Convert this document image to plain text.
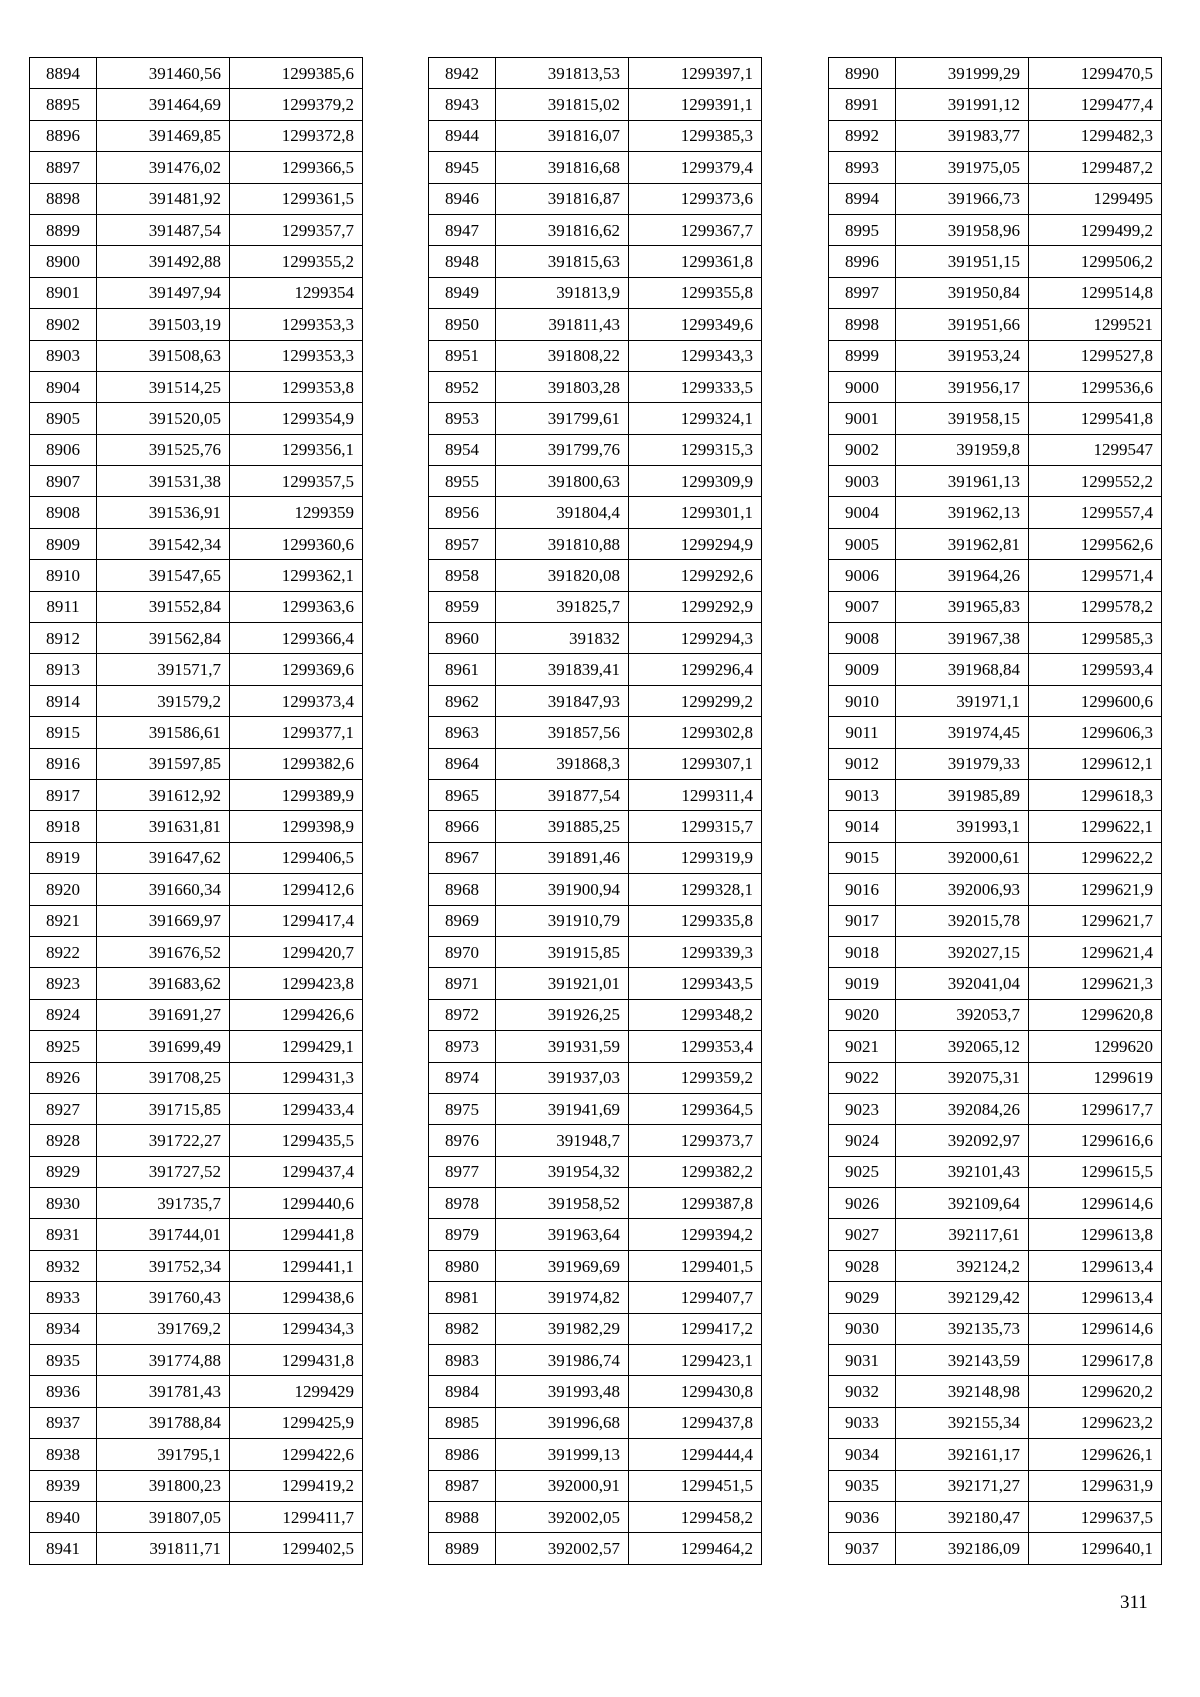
8894	391460,56	1299385,6
8895	391464,69	1299379,2
8896	391469,85	1299372,8
8897	391476,02	1299366,5
8898	391481,92	1299361,5
8899	391487,54	1299357,7
8900	391492,88	1299355,2
8901	391497,94	1299354
8902	391503,19	1299353,3
8903	391508,63	1299353,3
8904	391514,25	1299353,8
8905	391520,05	1299354,9
8906	391525,76	1299356,1
8907	391531,38	1299357,5
8908	391536,91	1299359
8909	391542,34	1299360,6
8910	391547,65	1299362,1
8911	391552,84	1299363,6
8912	391562,84	1299366,4
8913	391571,7	1299369,6
8914	391579,2	1299373,4
8915	391586,61	1299377,1
8916	391597,85	1299382,6
8917	391612,92	1299389,9
8918	391631,81	1299398,9
8919	391647,62	1299406,5
8920	391660,34	1299412,6
8921	391669,97	1299417,4
8922	391676,52	1299420,7
8923	391683,62	1299423,8
8924	391691,27	1299426,6
8925	391699,49	1299429,1
8926	391708,25	1299431,3
8927	391715,85	1299433,4
8928	391722,27	1299435,5
8929	391727,52	1299437,4
8930	391735,7	1299440,6
8931	391744,01	1299441,8
8932	391752,34	1299441,1
8933	391760,43	1299438,6
8934	391769,2	1299434,3
8935	391774,88	1299431,8
8936	391781,43	1299429
8937	391788,84	1299425,9
8938	391795,1	1299422,6
8939	391800,23	1299419,2
8940	391807,05	1299411,7
8941	391811,71	1299402,5
8942	391813,53	1299397,1
8943	391815,02	1299391,1
8944	391816,07	1299385,3
8945	391816,68	1299379,4
8946	391816,87	1299373,6
8947	391816,62	1299367,7
8948	391815,63	1299361,8
8949	391813,9	1299355,8
8950	391811,43	1299349,6
8951	391808,22	1299343,3
8952	391803,28	1299333,5
8953	391799,61	1299324,1
8954	391799,76	1299315,3
8955	391800,63	1299309,9
8956	391804,4	1299301,1
8957	391810,88	1299294,9
8958	391820,08	1299292,6
8959	391825,7	1299292,9
8960	391832	1299294,3
8961	391839,41	1299296,4
8962	391847,93	1299299,2
8963	391857,56	1299302,8
8964	391868,3	1299307,1
8965	391877,54	1299311,4
8966	391885,25	1299315,7
8967	391891,46	1299319,9
8968	391900,94	1299328,1
8969	391910,79	1299335,8
8970	391915,85	1299339,3
8971	391921,01	1299343,5
8972	391926,25	1299348,2
8973	391931,59	1299353,4
8974	391937,03	1299359,2
8975	391941,69	1299364,5
8976	391948,7	1299373,7
8977	391954,32	1299382,2
8978	391958,52	1299387,8
8979	391963,64	1299394,2
8980	391969,69	1299401,5
8981	391974,82	1299407,7
8982	391982,29	1299417,2
8983	391986,74	1299423,1
8984	391993,48	1299430,8
8985	391996,68	1299437,8
8986	391999,13	1299444,4
8987	392000,91	1299451,5
8988	392002,05	1299458,2
8989	392002,57	1299464,2
8990	391999,29	1299470,5
8991	391991,12	1299477,4
8992	391983,77	1299482,3
8993	391975,05	1299487,2
8994	391966,73	1299495
8995	391958,96	1299499,2
8996	391951,15	1299506,2
8997	391950,84	1299514,8
8998	391951,66	1299521
8999	391953,24	1299527,8
9000	391956,17	1299536,6
9001	391958,15	1299541,8
9002	391959,8	1299547
9003	391961,13	1299552,2
9004	391962,13	1299557,4
9005	391962,81	1299562,6
9006	391964,26	1299571,4
9007	391965,83	1299578,2
9008	391967,38	1299585,3
9009	391968,84	1299593,4
9010	391971,1	1299600,6
9011	391974,45	1299606,3
9012	391979,33	1299612,1
9013	391985,89	1299618,3
9014	391993,1	1299622,1
9015	392000,61	1299622,2
9016	392006,93	1299621,9
9017	392015,78	1299621,7
9018	392027,15	1299621,4
9019	392041,04	1299621,3
9020	392053,7	1299620,8
9021	392065,12	1299620
9022	392075,31	1299619
9023	392084,26	1299617,7
9024	392092,97	1299616,6
9025	392101,43	1299615,5
9026	392109,64	1299614,6
9027	392117,61	1299613,8
9028	392124,2	1299613,4
9029	392129,42	1299613,4
9030	392135,73	1299614,6
9031	392143,59	1299617,8
9032	392148,98	1299620,2
9033	392155,34	1299623,2
9034	392161,17	1299626,1
9035	392171,27	1299631,9
9036	392180,47	1299637,5
9037	392186,09	1299640,1
311
